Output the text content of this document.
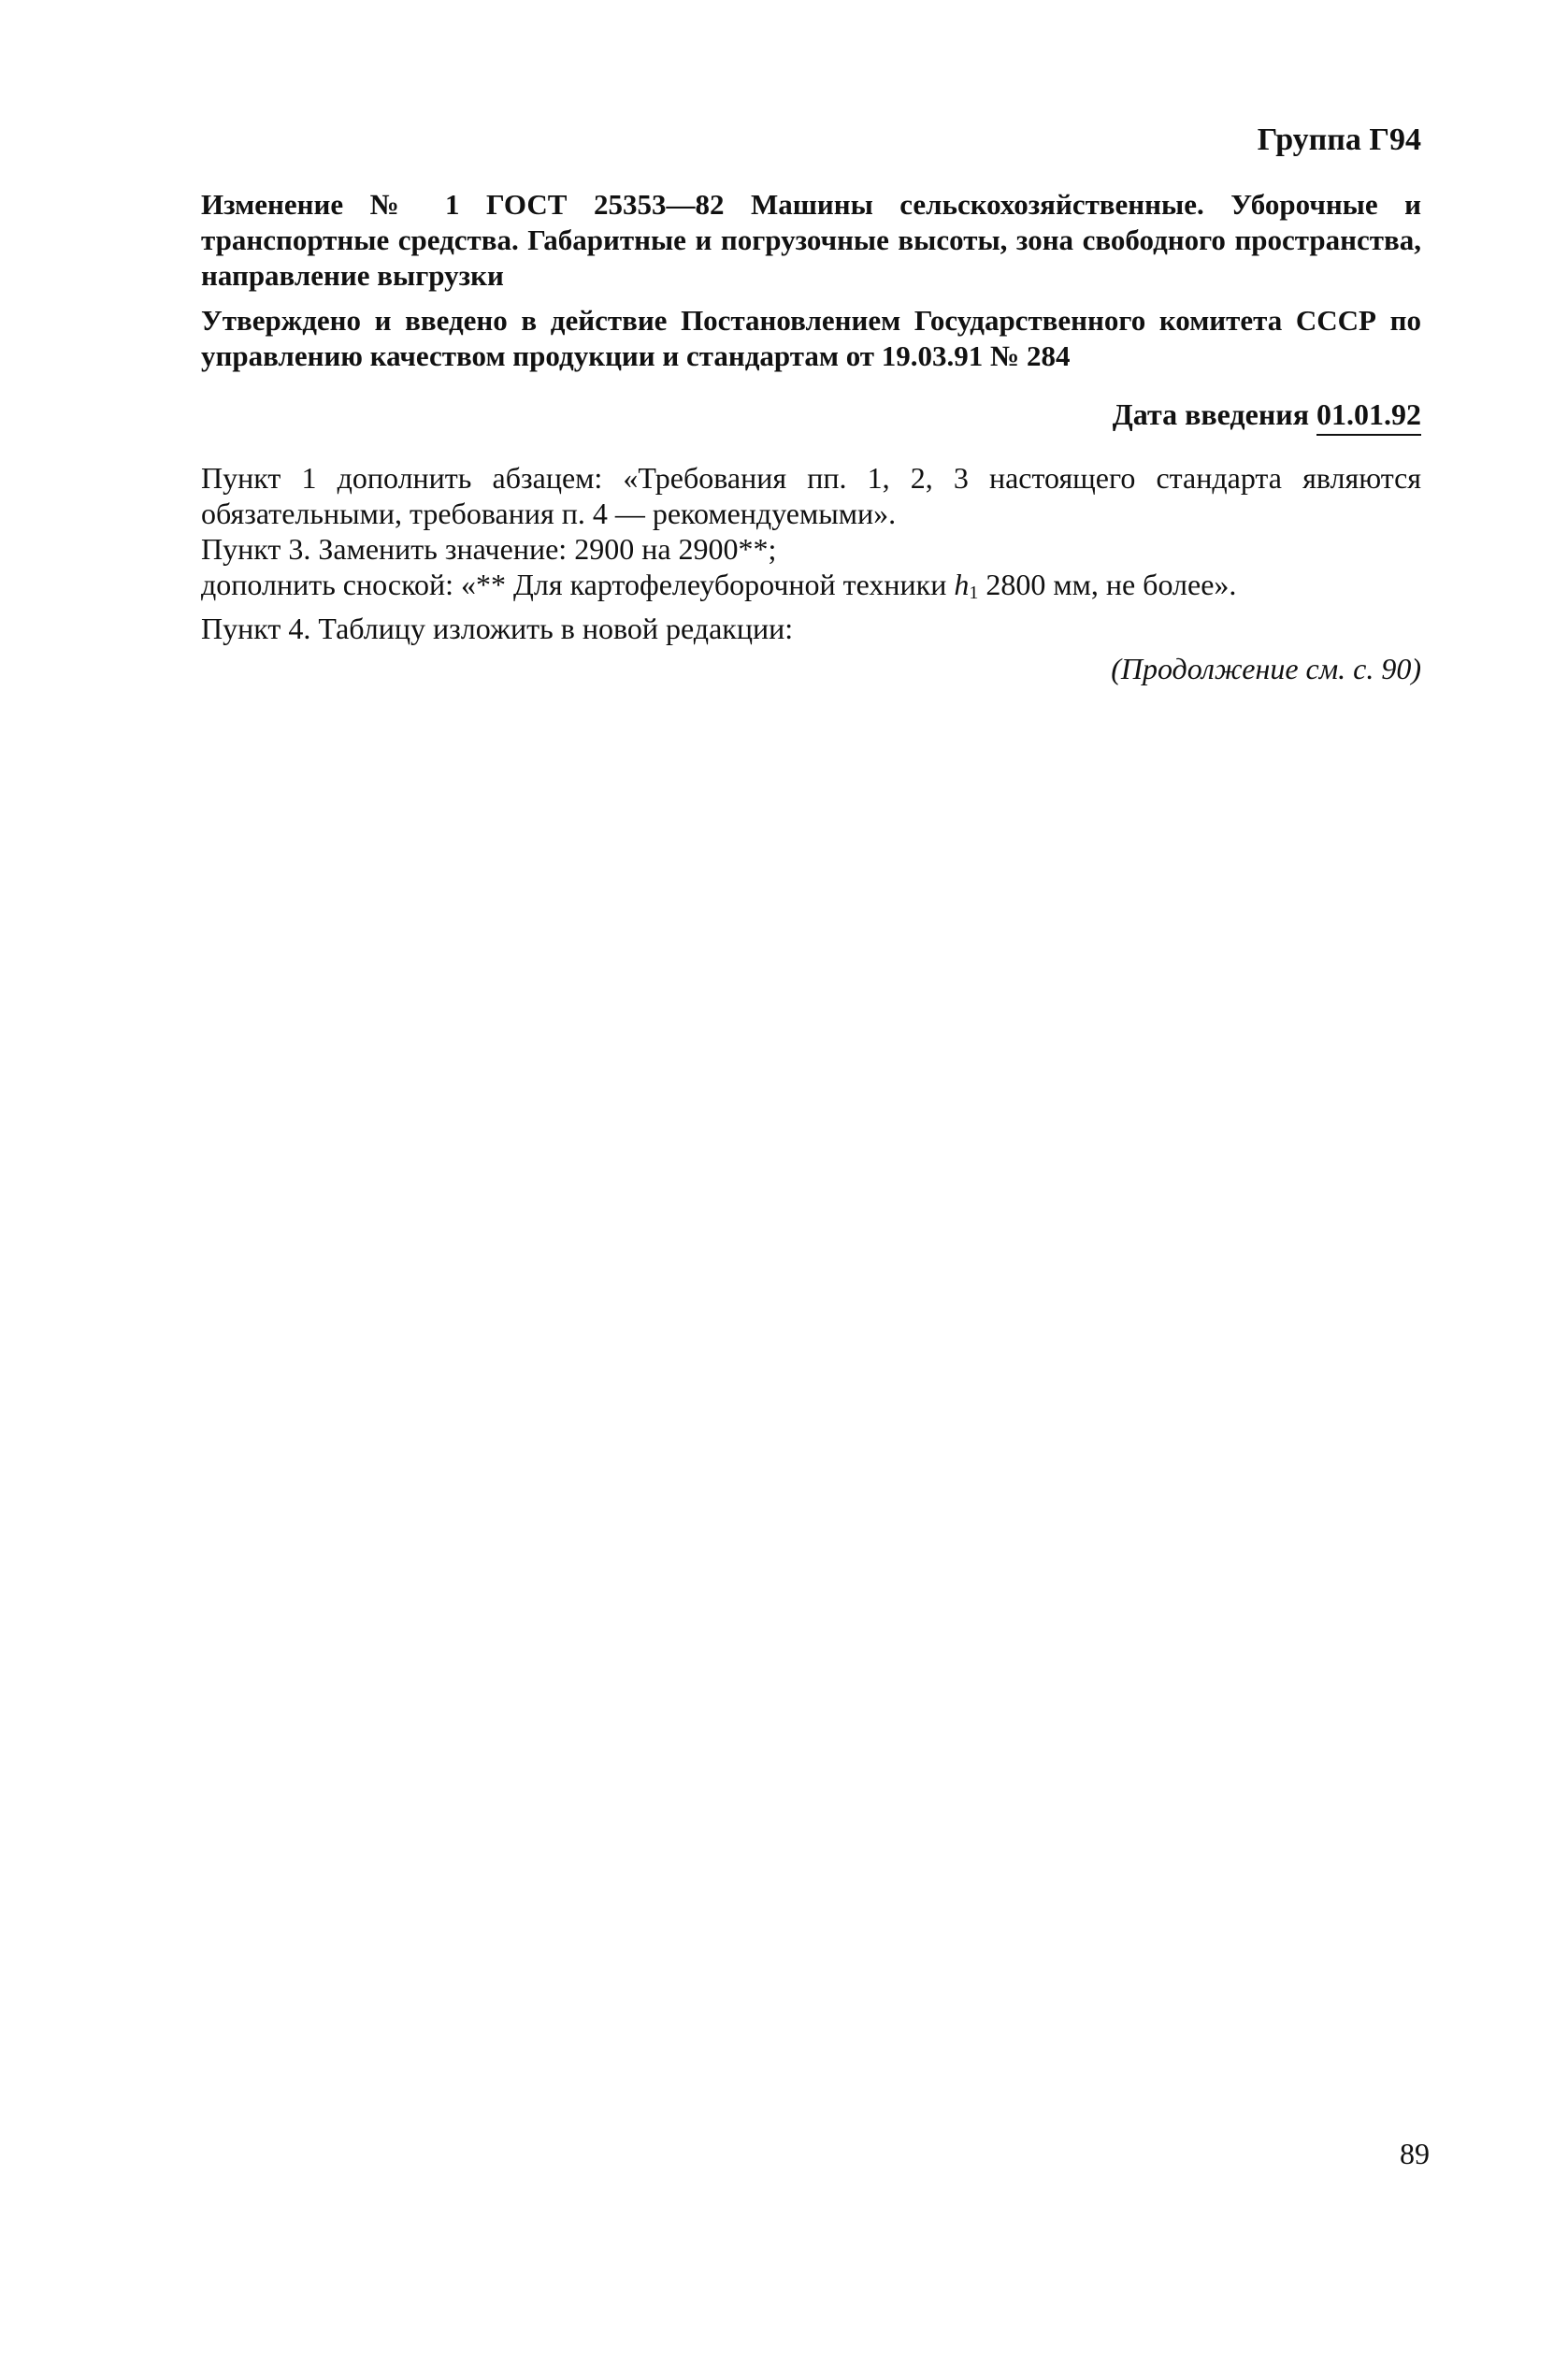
Группа Г94
Изменение № 1 ГОСТ 25353—82 Машины сельскохозяйственные. Уборочные и транспортные средства. Габаритные и погрузочные высоты, зона свободного пространства, направление выгрузки
Утверждено и введено в действие Постановлением Государственного комитета СССР по управлению качеством продукции и стандартам от 19.03.91 № 284
Дата введения 01.01.92

Пункт 1 дополнить абзацем: «Требования пп. 1, 2, 3 настоящего стандарта являются обязательными, требования п. 4 — рекомендуемыми».

Пункт 3. Заменить значение: 2900 на 2900**;

дополнить сноской: «** Для картофелеуборочной техники $h_1$ 2800 мм, не более».

Пункт 4. Таблицу изложить в новой редакции:

(Продолжение см. с. 90)
89
